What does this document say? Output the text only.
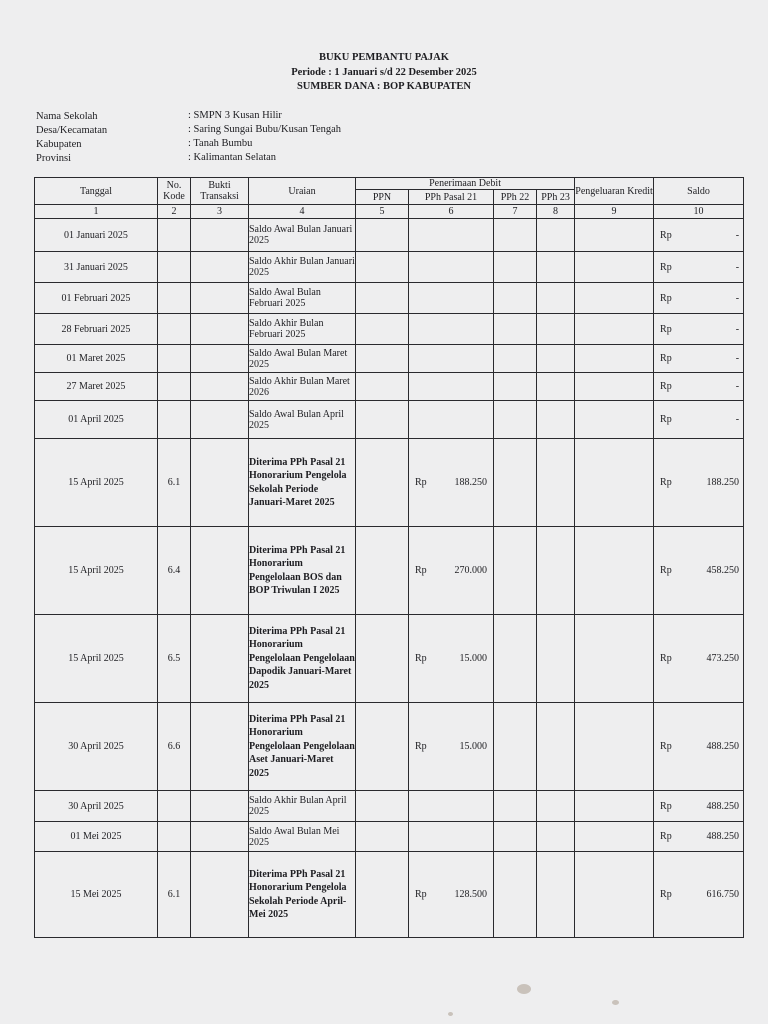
BUKU PEMBANTU PAJAK
Periode : 1 Januari s/d 22 Desember 2025
SUMBER DANA : BOP KABUPATEN
Nama Sekolah	: SMPN 3 Kusan Hilir
Desa/Kecamatan	: Saring Sungai Bubu/Kusan Tengah
Kabupaten	: Tanah Bumbu
Provinsi	: Kalimantan Selatan
Tanggal	No. Kode	Bukti Transaksi	Uraian	Penerimaan Debit				Pengeluaran Kredit	Saldo
				PPN	PPh Pasal 21	PPh 22	PPh 23		
1	2	3	4	5	6	7	8	9	10
01 Januari 2025			Saldo Awal Bulan Januari 2025						Rp -

31 Januari 2025			Saldo Akhir Bulan Januari 2025						Rp -

01 Februari 2025			Saldo Awal Bulan Februari 2025						Rp -

28 Februari 2025			Saldo Akhir Bulan Februari 2025						Rp -

01 Maret 2025			Saldo Awal Bulan Maret 2025						Rp -

27 Maret 2025			Saldo Akhir Bulan Maret 2026						Rp -

01 April 2025			Saldo Awal Bulan April 2025						Rp -

15 April 2025	6.1		Diterima PPh Pasal 21 Honorarium Pengelola Sekolah Periode Januari-Maret 2025		Rp 188.250				Rp 188.250

15 April 2025	6.4		Diterima PPh Pasal 21 Honorarium Pengelolaan BOS dan BOP Triwulan I 2025		Rp 270.000				Rp 458.250

15 April 2025	6.5		Diterima PPh Pasal 21 Honorarium Pengelolaan Pengelolaan Dapodik Januari-Maret 2025		Rp 15.000				Rp 473.250

30 April 2025	6.6		Diterima PPh Pasal 21 Honorarium Pengelolaan Pengelolaan Aset Januari-Maret 2025		Rp 15.000				Rp 488.250

30 April 2025			Saldo Akhir Bulan April 2025						Rp 488.250

01 Mei 2025			Saldo Awal Bulan Mei 2025						Rp 488.250

15 Mei 2025	6.1		Diterima PPh Pasal 21 Honorarium Pengelola Sekolah Periode April-Mei 2025		Rp 128.500				Rp 616.750
